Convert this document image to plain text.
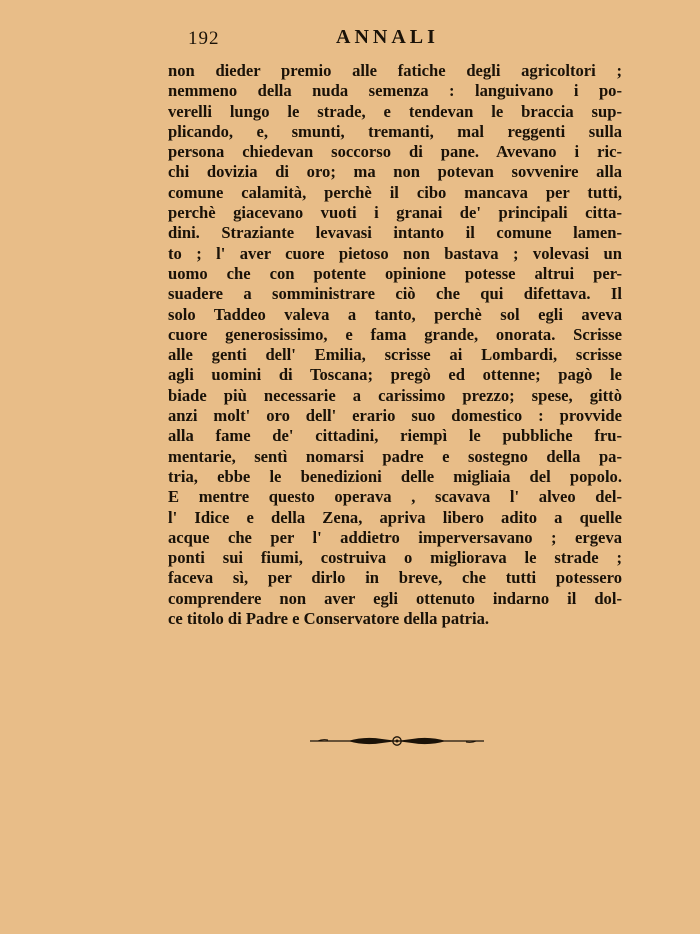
192	ANNALI
non dieder premio alle fatiche degli agricoltori ;
nemmeno della nuda semenza : languivano i po-
verelli lungo le strade, e tendevan le braccia sup-
plicando, e, smunti, tremanti, mal reggenti sulla
persona chiedevan soccorso di pane. Avevano i ric-
chi dovizia di oro; ma non potevan sovvenire alla
comune calamità, perchè il cibo mancava per tutti,
perchè giacevano vuoti i granai de' principali citta-
dini. Straziante levavasi intanto il comune lamen-
to ; l' aver cuore pietoso non bastava ; volevasi un
uomo che con potente opinione potesse altrui per-
suadere a somministrare ciò che qui difettava. Il
solo Taddeo valeva a tanto, perchè sol egli aveva
cuore generosissimo, e fama grande, onorata. Scrisse
alle genti dell' Emilia, scrisse ai Lombardi, scrisse
agli uomini di Toscana; pregò ed ottenne; pagò le
biade più necessarie a carissimo prezzo; spese, gittò
anzi molt' oro dell' erario suo domestico : provvide
alla fame de' cittadini, riempì le pubbliche fru-
mentarie, sentì nomarsi padre e sostegno della pa-
tria, ebbe le benedizioni delle migliaia del popolo.
E mentre questo operava , scavava l' alveo del-
l' Idice e della Zena, apriva libero adito a quelle
acque che per l' addietro imperversavano ; ergeva
ponti sui fiumi, costruiva o migliorava le strade ;
faceva sì, per dirlo in breve, che tutti potessero
comprendere non aver egli ottenuto indarno il dol-
ce titolo di Padre e Conservatore della patria.
